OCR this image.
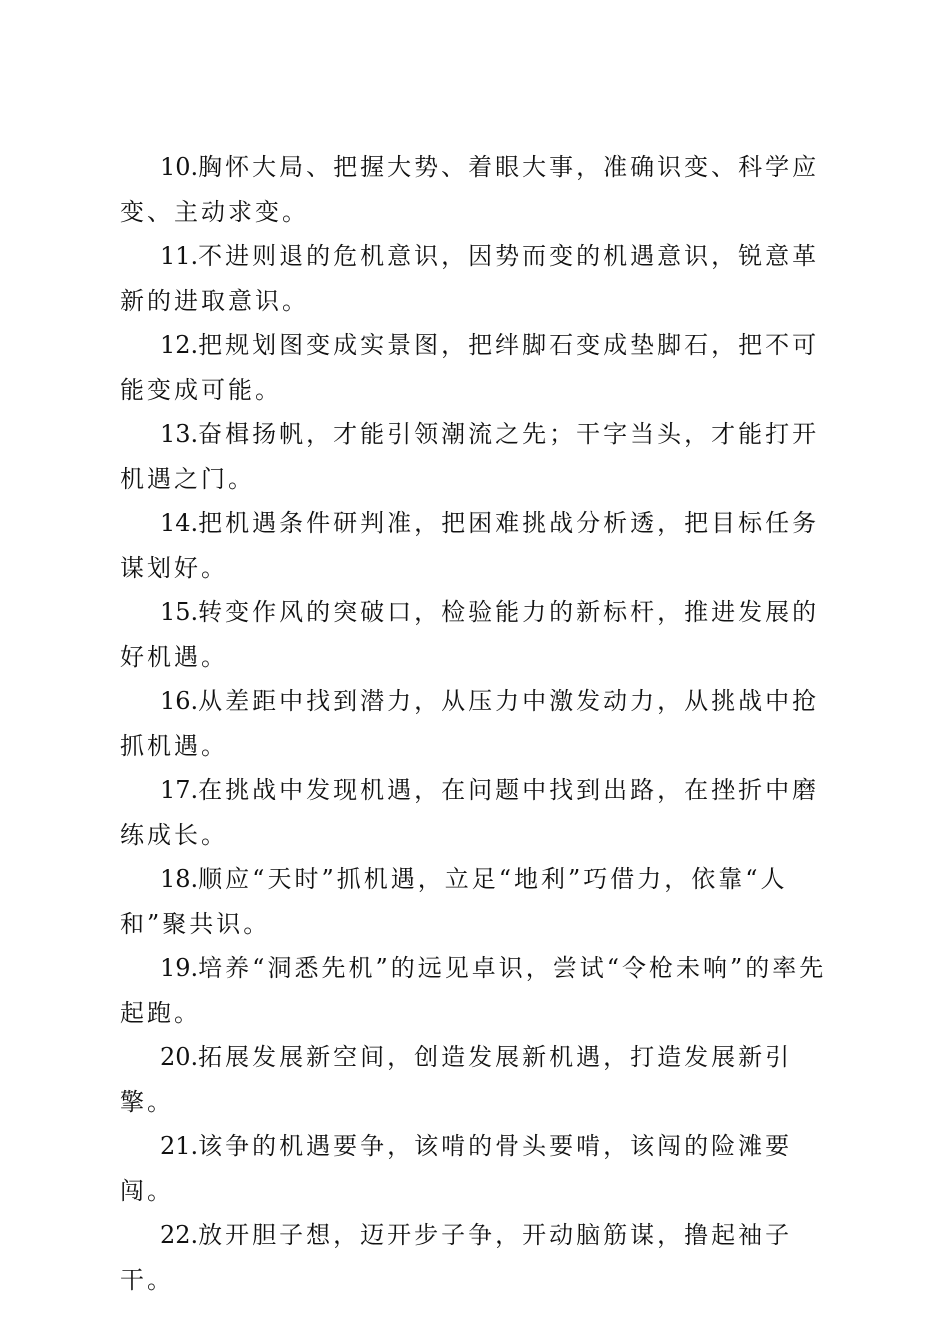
10.胸怀大局、把握大势、着眼大事，准确识变、科学应变、主动求变。

11.不进则退的危机意识，因势而变的机遇意识，锐意革新的进取意识。

12.把规划图变成实景图，把绊脚石变成垫脚石，把不可能变成可能。

13.奋楫扬帆，才能引领潮流之先；干字当头，才能打开机遇之门。

14.把机遇条件研判准，把困难挑战分析透，把目标任务谋划好。

15.转变作风的突破口，检验能力的新标杆，推进发展的好机遇。

16.从差距中找到潜力，从压力中激发动力，从挑战中抢抓机遇。

17.在挑战中发现机遇，在问题中找到出路，在挫折中磨练成长。

18.顺应“天时”抓机遇，立足“地利”巧借力，依靠“人和”聚共识。

19.培养“洞悉先机”的远见卓识，尝试“令枪未响”的率先起跑。

20.拓展发展新空间，创造发展新机遇，打造发展新引擎。

21.该争的机遇要争，该啃的骨头要啃，该闯的险滩要闯。

22.放开胆子想，迈开步子争，开动脑筋谋，撸起袖子干。
